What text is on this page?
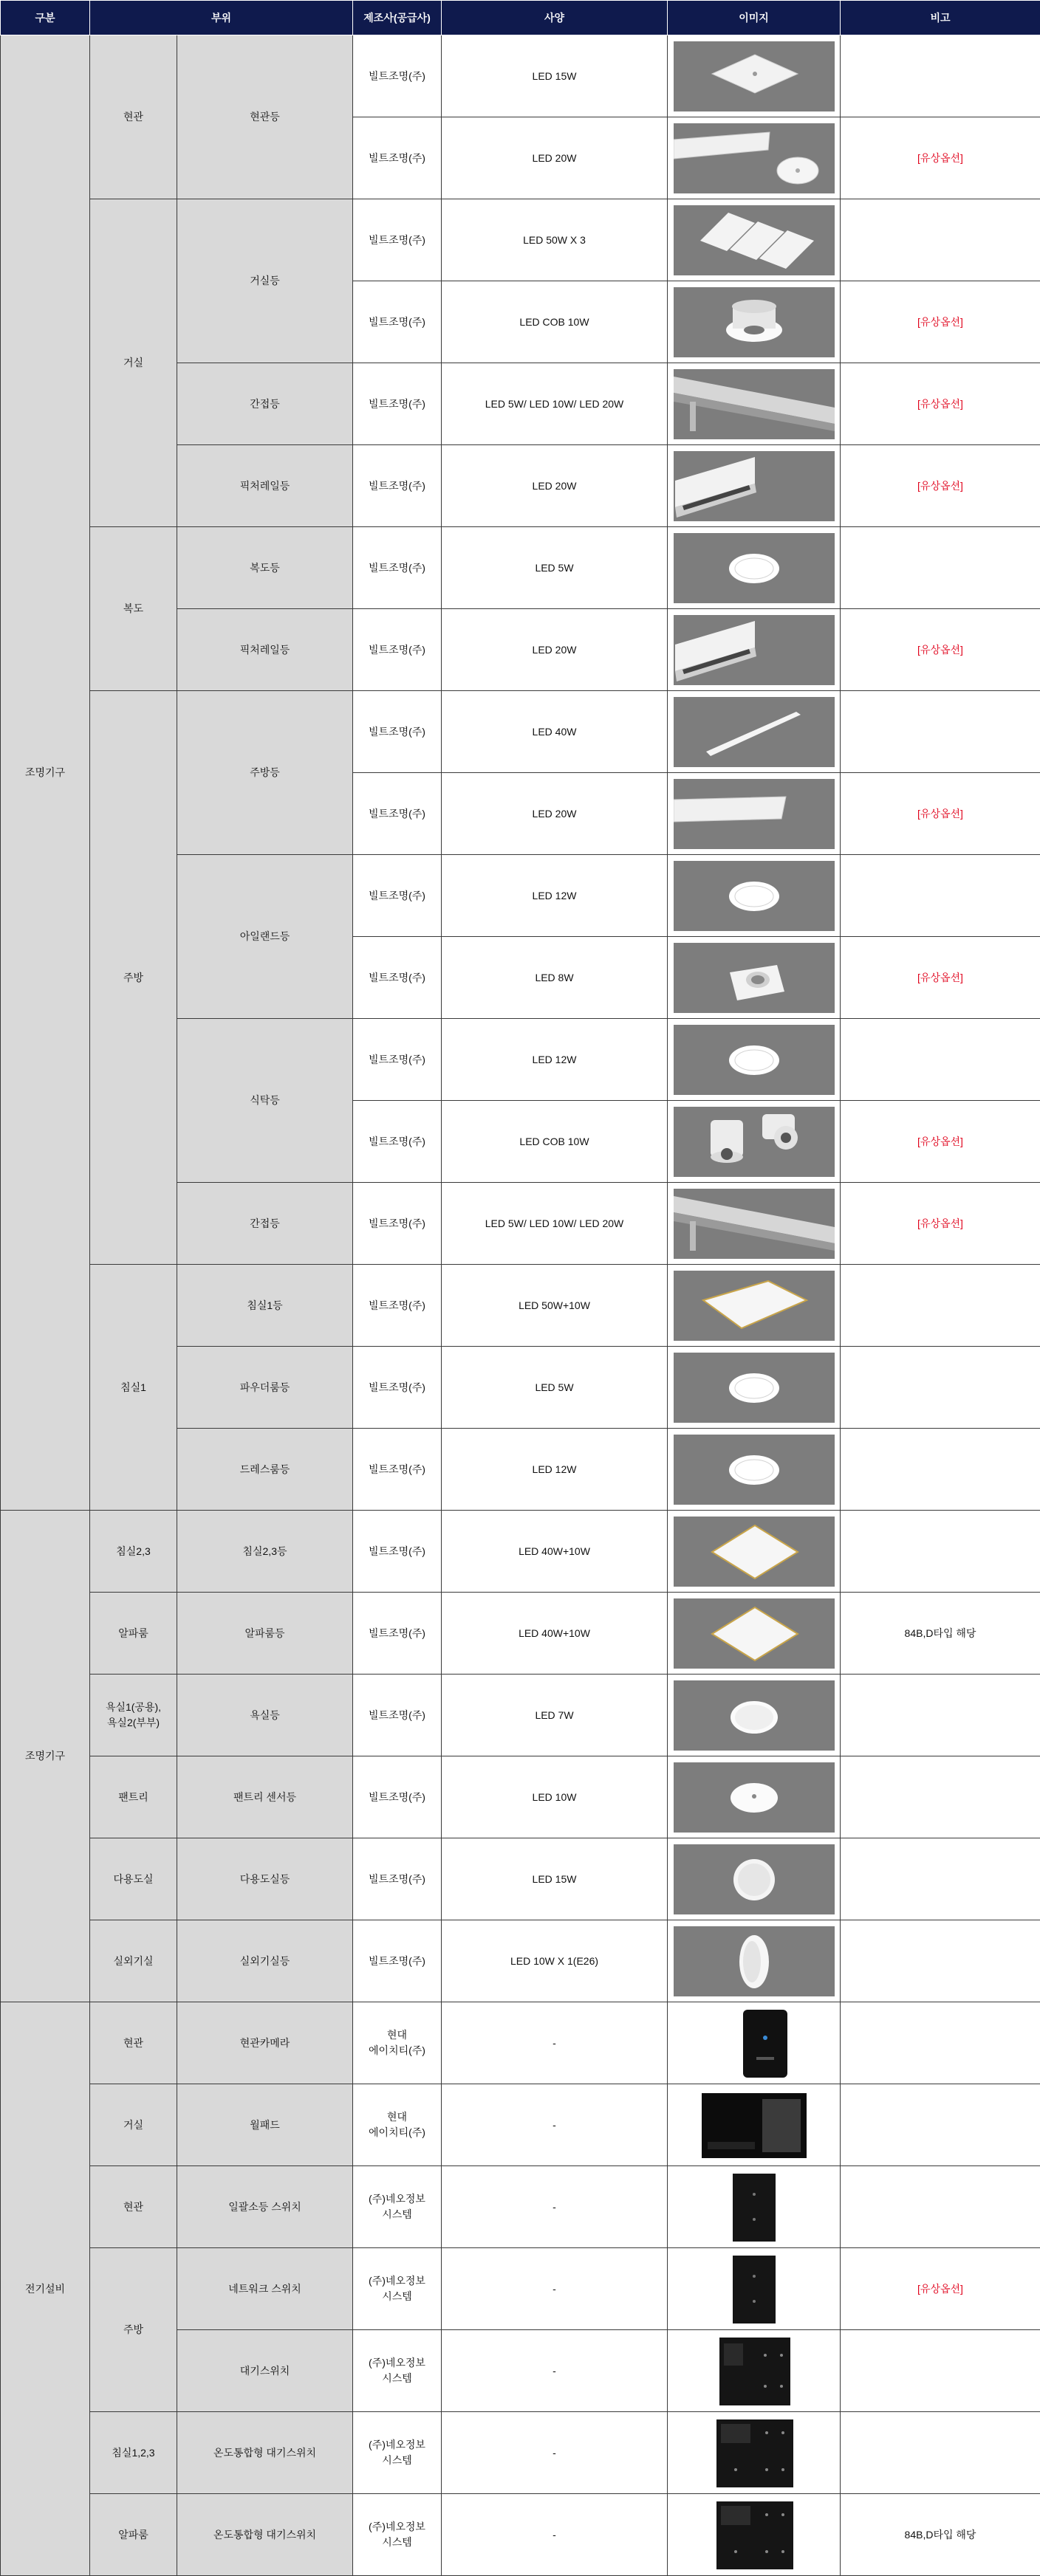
구분	부위		제조사(공급사)	사양	이미지	비고
조명기구	현관	현관등	빌트조명(주)	LED 15W	

			빌트조명(주)	LED 20W		[유상옵션]
	거실	거실등	빌트조명(주)	LED 50W X 3	

			빌트조명(주)	LED COB 10W		[유상옵션]
		간접등	빌트조명(주)	LED 5W/ LED 10W/ LED 20W		[유상옵션]
		픽처레일등	빌트조명(주)	LED 20W		[유상옵션]
	복도	복도등	빌트조명(주)	LED 5W	

		픽처레일등	빌트조명(주)	LED 20W		[유상옵션]
	주방	주방등	빌트조명(주)	LED 40W	

			빌트조명(주)	LED 20W		[유상옵션]
		아일랜드등	빌트조명(주)	LED 12W	

			빌트조명(주)	LED 8W		[유상옵션]
		식탁등	빌트조명(주)	LED 12W	

			빌트조명(주)	LED COB 10W		[유상옵션]
		간접등	빌트조명(주)	LED 5W/ LED 10W/ LED 20W		[유상옵션]
	침실1	침실1등	빌트조명(주)	LED 50W+10W	

		파우더룸등	빌트조명(주)	LED 5W	

		드레스룸등	빌트조명(주)	LED 12W	

조명기구	침실2,3	침실2,3등	빌트조명(주)	LED 40W+10W	

	알파룸	알파룸등	빌트조명(주)	LED 40W+10W		84B,D타입 해당
	욕실1(공용),
욕실2(부부)	욕실등	빌트조명(주)	LED 7W	

	팬트리	팬트리 센서등	빌트조명(주)	LED 10W	

	다용도실	다용도실등	빌트조명(주)	LED 15W	

	실외기실	실외기실등	빌트조명(주)	LED 10W X 1(E26)	

전기설비	현관	현관카메라	현대
에이치티(주)	-	

	거실	월패드	현대
에이치티(주)	-	

	현관	일괄소등 스위치	(주)네오정보
시스템	-	

	주방	네트워크 스위치	(주)네오정보
시스템	-		[유상옵션]
		대기스위치	(주)네오정보
시스템	-	

	침실1,2,3	온도통합형 대기스위치	(주)네오정보
시스템	-	

	알파룸	온도통합형 대기스위치	(주)네오정보
시스템	-		84B,D타입 해당
